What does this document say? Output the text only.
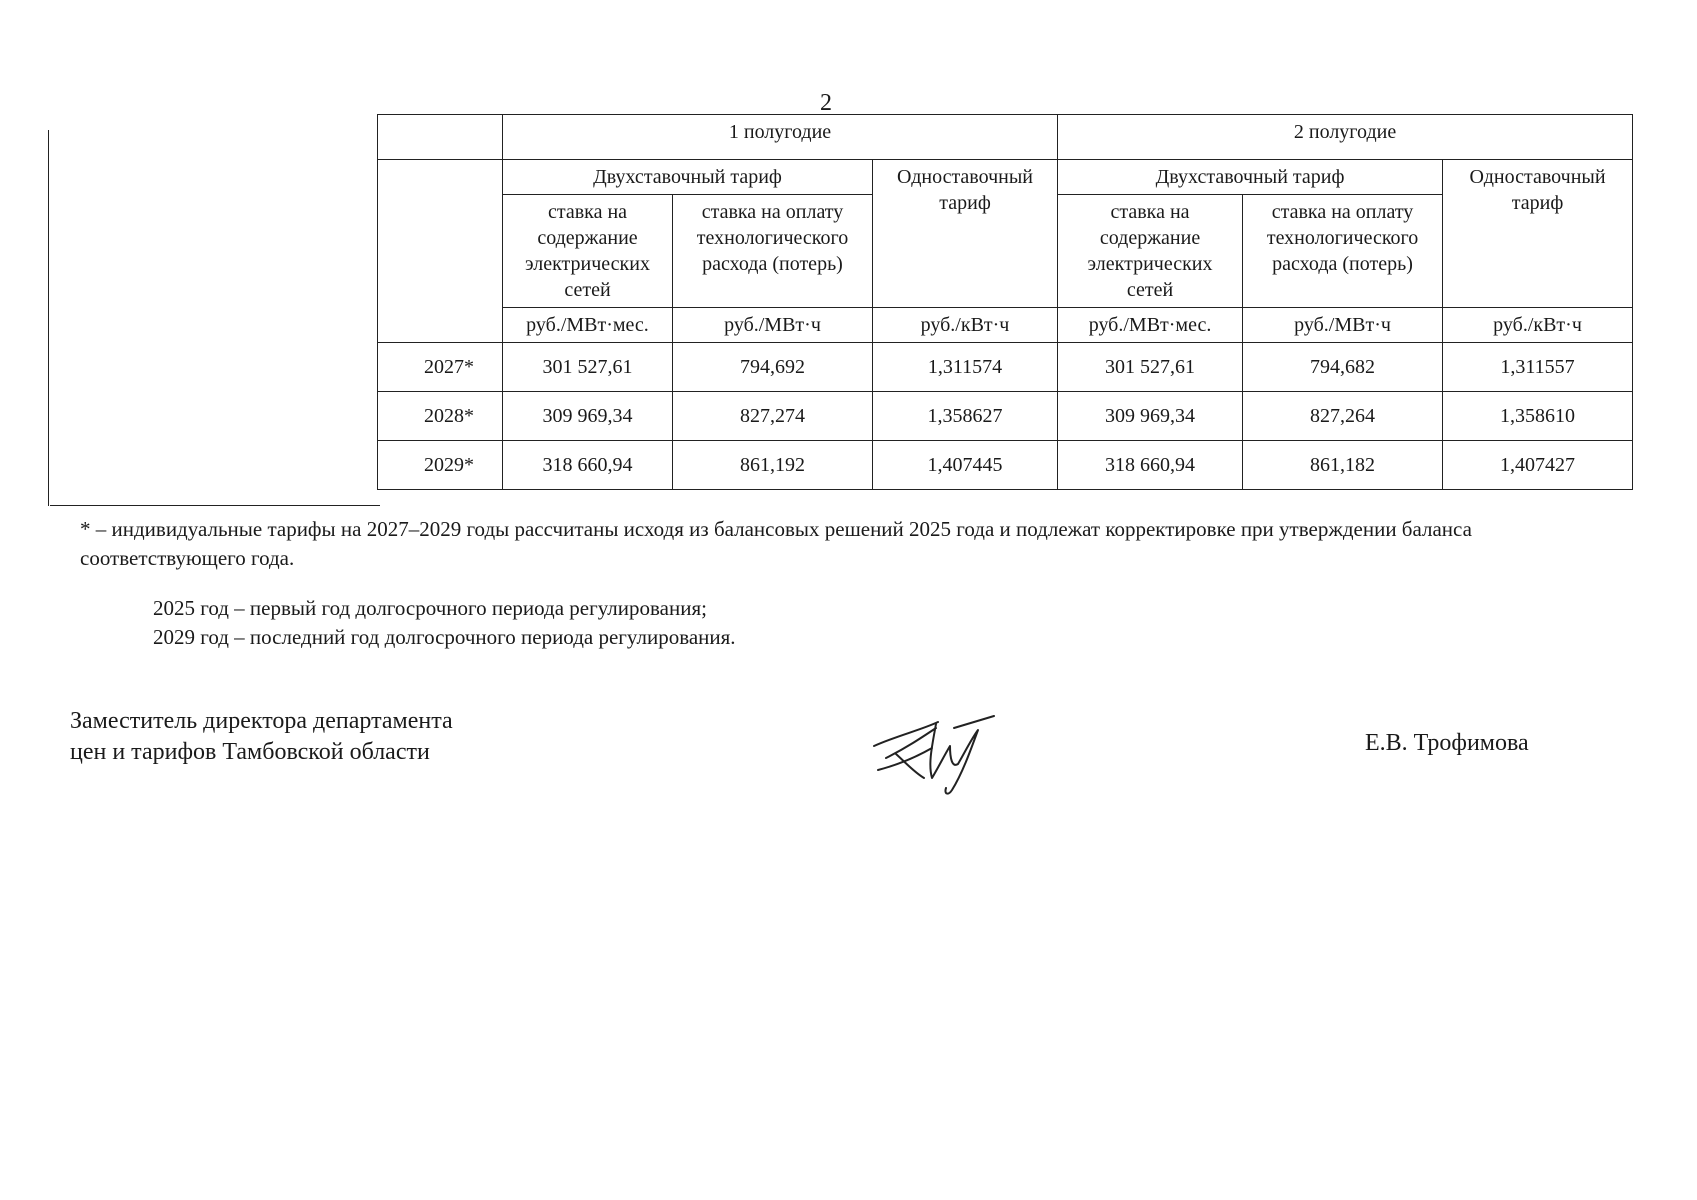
2
	1 полугодие			2 полугодие		
	Двухставочный тариф		Одноставочный тариф	Двухставочный тариф		Одноставочный тариф
	ставка на содержание электрических сетей	ставка на оплату технологического расхода (потерь)		ставка на содержание электрических сетей	ставка на оплату технологического расхода (потерь)	
	руб./МВт·мес.	руб./МВт·ч	руб./кВт·ч	руб./МВт·мес.	руб./МВт·ч	руб./кВт·ч
2027*	301 527,61	794,692	1,311574	301 527,61	794,682	1,311557
2028*	309 969,34	827,274	1,358627	309 969,34	827,264	1,358610
2029*	318 660,94	861,192	1,407445	318 660,94	861,182	1,407427
* – индивидуальные тарифы на 2027–2029 годы рассчитаны исходя из балансовых решений 2025 года и подлежат корректировке при утверждении баланса соответствующего года.
2025 год – первый год долгосрочного периода регулирования;
2029 год – последний год долгосрочного периода регулирования.
Заместитель директора департамента
цен и тарифов Тамбовской области	Е.В. Трофимова
